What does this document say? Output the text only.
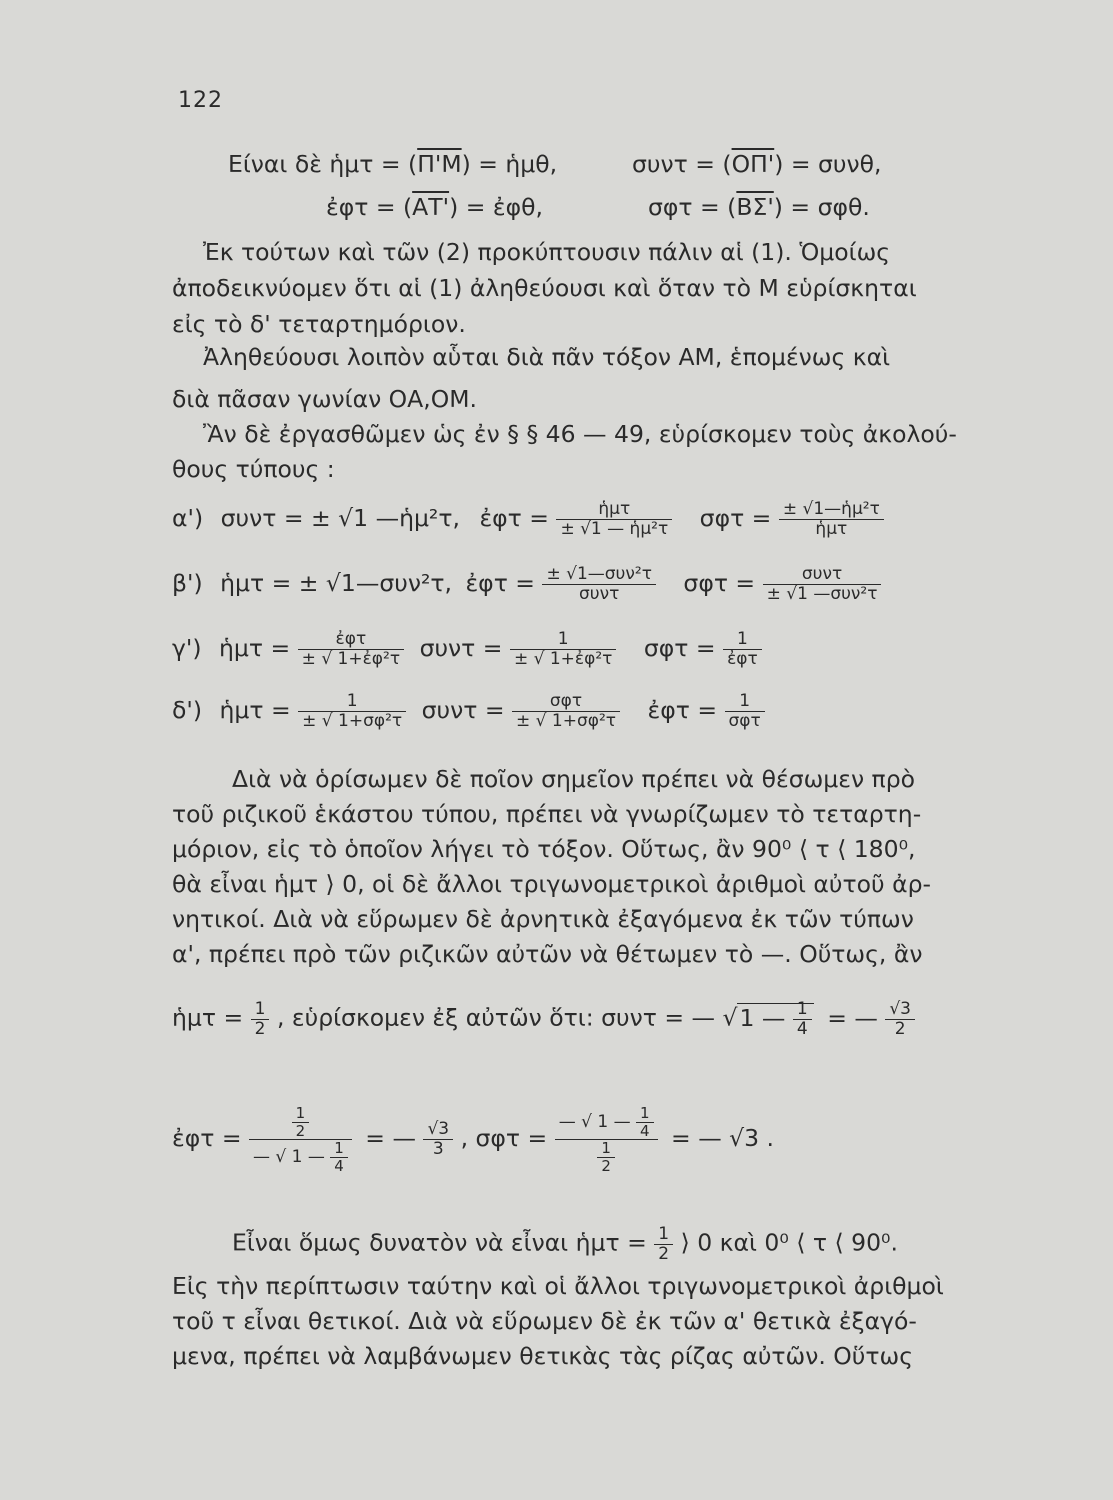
122
Είναι δὲ ἡμτ = (Π'Μ) = ἡμθ,	συντ = (ΟΠ') = συνθ,
ἐφτ = (ΑΤ') = ἐφθ,	σφτ = (ΒΣ') = σφθ.
Ἐκ τούτων καὶ τῶν (2) προκύπτουσιν πάλιν αἱ (1). Ὁμοίως
ἀποδεικνύομεν ὅτι αἱ (1) ἀληθεύουσι καὶ ὅταν τὸ Μ εὑρίσκηται
εἰς τὸ δ' τεταρτημόριον.
Ἀληθεύουσι λοιπὸν αὗται διὰ πᾶν τόξον ΑΜ, ἑπομένως καὶ
διὰ πᾶσαν γωνίαν ΟΑ,ΟΜ.
Ἂν δὲ ἐργασθῶμεν ὡς ἐν § § 46 — 49, εὑρίσκομεν τοὺς ἀκολού-
θους τύπους :
α') συντ = ± √1 —ἡμ²τ, ἐφτ = $\frac{\text{ἡμτ}}{\text{± √1 — ἡμ²τ}}$ $\sigma\varphi\tau = \frac{\text{± √1—ἡμ²τ}}{\text{ἡμτ}}$
β') ἡμτ = ± √1—συν²τ, ἐφτ = $\frac{\text{± √1—συν²τ}}{\text{συντ}}$ $\sigma\varphi\tau = \frac{\text{συντ}}{\text{± √1 —συν²τ}}$
γ') ἡμτ = $\frac{\text{ἐφτ}}{\text{± √ 1+ἐφ²τ}}$ $\sigma\upsilon\nu\tau = \frac{1}{\text{± √ 1+ἐφ²τ}}$ $\sigma\varphi\tau = \frac{1}{\text{ἐφτ}}$
δ') ἡμτ = $\frac{1}{\text{± √ 1+σφ²τ}}$ $\sigma\upsilon\nu\tau = \frac{\text{σφτ}}{\text{± √ 1+σφ²τ}}$ ἐφτ = $\frac{1}{\text{σφτ}}$
Διὰ νὰ ὁρίσωμεν δὲ ποῖον σημεῖον πρέπει νὰ θέσωμεν πρὸ
τοῦ ριζικοῦ ἑκάστου τύπου, πρέπει νὰ γνωρίζωμεν τὸ τεταρτη-
μόριον, εἰς τὸ ὁποῖον λήγει τὸ τόξον. Οὕτως, ἂν 90⁰ ⟨ τ ⟨ 180⁰,
θὰ εἶναι ἡμτ ⟩ 0, οἱ δὲ ἄλλοι τριγωνομετρικοὶ ἀριθμοὶ αὐτοῦ ἀρ-
νητικοί. Διὰ νὰ εὕρωμεν δὲ ἀρνητικὰ ἐξαγόμενα ἐκ τῶν τύπων
α', πρέπει πρὸ τῶν ριζικῶν αὐτῶν νὰ θέτωμεν τὸ —. Οὕτως, ἂν
ἡμτ = $\frac{1}{2}$ , εὑρίσκομεν ἐξ αὐτῶν ὅτι: συντ = — √1 — $\frac{1}{4}$ = — $\frac{√3}{2}$
ἐφτ = $\frac{\frac{1}{2}}{— √ 1 — \frac{1}{4}}$ = — $\frac{√3}{3}$ , $\sigma\varphi\tau = \frac{— √ 1 — \frac{1}{4}}{\frac{1}{2}}$ = — √3 .
Εἶναι ὅμως δυνατὸν νὰ εἶναι ἡμτ = $\frac{1}{2}$ ⟩ 0 καὶ 0⁰ ⟨ τ ⟨ 90⁰.
Εἰς τὴν περίπτωσιν ταύτην καὶ οἱ ἄλλοι τριγωνομετρικοὶ ἀριθμοὶ
τοῦ τ εἶναι θετικοί. Διὰ νὰ εὕρωμεν δὲ ἐκ τῶν α' θετικὰ ἐξαγό-
μενα, πρέπει νὰ λαμβάνωμεν θετικὰς τὰς ρίζας αὐτῶν. Οὕτως
